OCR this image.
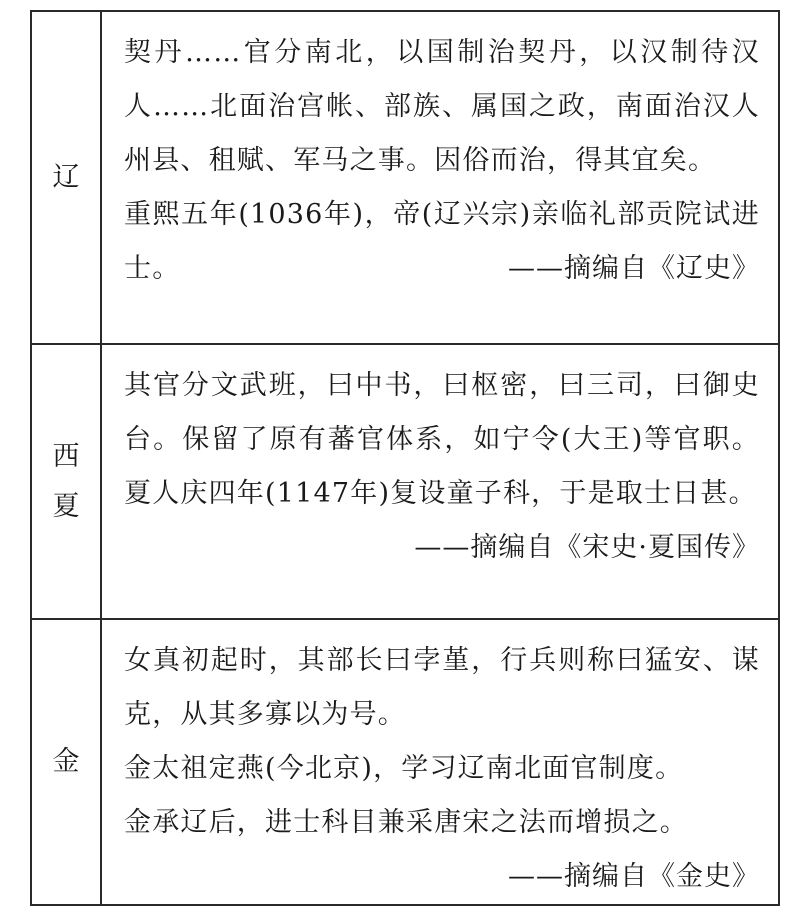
辽

契丹……官分南北，以国制治契丹，以汉制待汉人……北面治宫帐、部族、属国之政，南面治汉人州县、租赋、军马之事。因俗而治，得其宜矣。

重熙五年(1036年)，帝(辽兴宗)亲临礼部贡院试进士。	——摘编自《辽史》

西夏

其官分文武班，曰中书，曰枢密，曰三司，曰御史台。保留了原有蕃官体系，如宁令(大王)等官职。夏人庆四年(1147年)复设童子科，于是取士日甚。

——摘编自《宋史·夏国传》

金

女真初起时，其部长曰孛堇，行兵则称曰猛安、谋克，从其多寡以为号。

金太祖定燕(今北京)，学习辽南北面官制度。

金承辽后，进士科目兼采唐宋之法而增损之。

——摘编自《金史》
